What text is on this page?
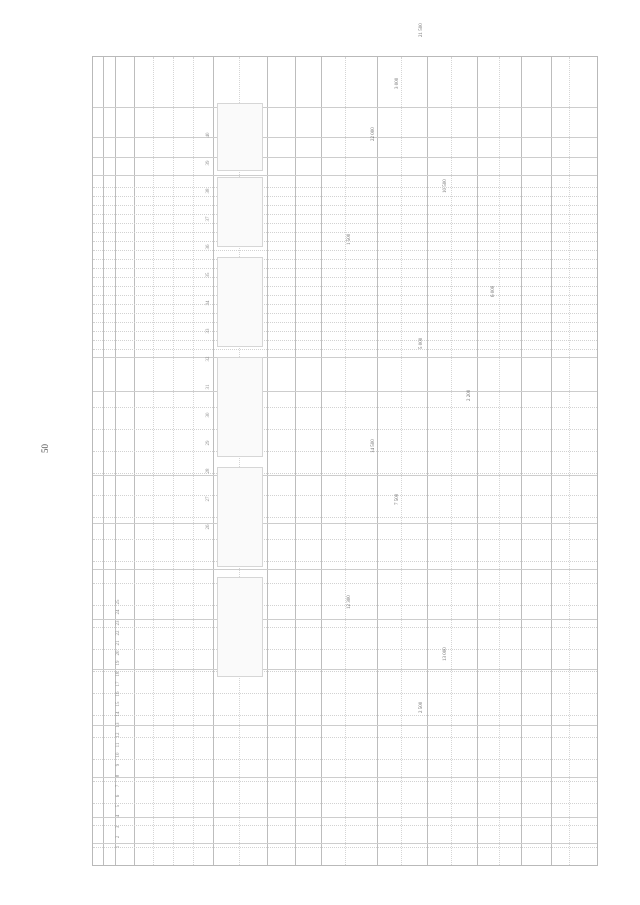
50
1
2
3
4
5
6
7
8
9
10
11
12
13
14
15
16
17
18
19
20
21
22
23
24
25
26
27
28
29
30
31
32
33
34
35
36
37
38
39
40
2 500
13 000
7 500
12 300
14 500
2 200
5 000
6 000
1 500
10 500
22 000
3 000
21 500
